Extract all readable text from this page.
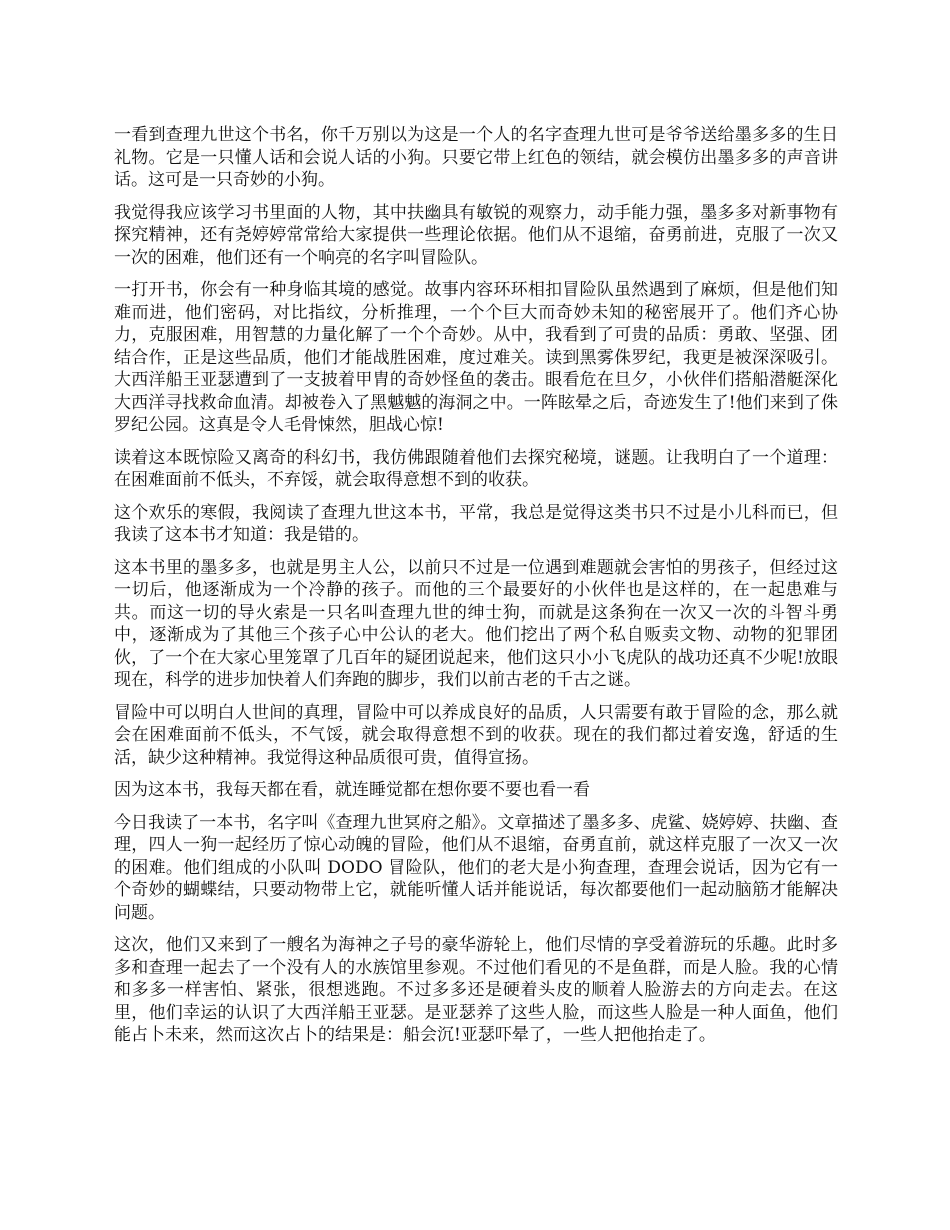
一看到查理九世这个书名，你千万别以为这是一个人的名字查理九世可是爷爷送给墨多多的生日礼物。它是一只懂人话和会说人话的小狗。只要它带上红色的领结，就会模仿出墨多多的声音讲话。这可是一只奇妙的小狗。

我觉得我应该学习书里面的人物，其中扶幽具有敏锐的观察力，动手能力强，墨多多对新事物有探究精神，还有尧婷婷常常给大家提供一些理论依据。他们从不退缩，奋勇前进，克服了一次又一次的困难，他们还有一个响亮的名字叫冒险队。

一打开书，你会有一种身临其境的感觉。故事内容环环相扣冒险队虽然遇到了麻烦，但是他们知难而进，他们密码，对比指纹，分析推理，一个个巨大而奇妙未知的秘密展开了。他们齐心协力，克服困难，用智慧的力量化解了一个个奇妙。从中，我看到了可贵的品质：勇敢、坚强、团结合作，正是这些品质，他们才能战胜困难，度过难关。读到黑雾侏罗纪，我更是被深深吸引。大西洋船王亚瑟遭到了一支披着甲胄的奇妙怪鱼的袭击。眼看危在旦夕，小伙伴们搭船潜艇深化大西洋寻找救命血清。却被卷入了黑魆魆的海洞之中。一阵眩晕之后，奇迹发生了!他们来到了侏罗纪公园。这真是令人毛骨悚然，胆战心惊!

读着这本既惊险又离奇的科幻书，我仿佛跟随着他们去探究秘境，谜题。让我明白了一个道理：在困难面前不低头，不弃馁，就会取得意想不到的收获。

这个欢乐的寒假，我阅读了查理九世这本书，平常，我总是觉得这类书只不过是小儿科而已，但我读了这本书才知道：我是错的。

这本书里的墨多多，也就是男主人公，以前只不过是一位遇到难题就会害怕的男孩子，但经过这一切后，他逐渐成为一个冷静的孩子。而他的三个最要好的小伙伴也是这样的，在一起患难与共。而这一切的导火索是一只名叫查理九世的绅士狗，而就是这条狗在一次又一次的斗智斗勇中，逐渐成为了其他三个孩子心中公认的老大。他们挖出了两个私自贩卖文物、动物的犯罪团伙，了一个在大家心里笼罩了几百年的疑团说起来，他们这只小小飞虎队的战功还真不少呢!放眼现在，科学的进步加快着人们奔跑的脚步，我们以前古老的千古之谜。

冒险中可以明白人世间的真理，冒险中可以养成良好的品质，人只需要有敢于冒险的念，那么就会在困难面前不低头，不气馁，就会取得意想不到的收获。现在的我们都过着安逸，舒适的生活，缺少这种精神。我觉得这种品质很可贵，值得宣扬。

因为这本书，我每天都在看，就连睡觉都在想你要不要也看一看

今日我读了一本书，名字叫《查理九世冥府之船》。文章描述了墨多多、虎鲨、娆婷婷、扶幽、查理，四人一狗一起经历了惊心动魄的冒险，他们从不退缩，奋勇直前，就这样克服了一次又一次的困难。他们组成的小队叫 DODO 冒险队，他们的老大是小狗查理，查理会说话，因为它有一个奇妙的蝴蝶结，只要动物带上它，就能听懂人话并能说话，每次都要他们一起动脑筋才能解决问题。

这次，他们又来到了一艘名为海神之子号的豪华游轮上，他们尽情的享受着游玩的乐趣。此时多多和查理一起去了一个没有人的水族馆里参观。不过他们看见的不是鱼群，而是人脸。我的心情和多多一样害怕、紧张，很想逃跑。不过多多还是硬着头皮的顺着人脸游去的方向走去。在这里，他们幸运的认识了大西洋船王亚瑟。是亚瑟养了这些人脸，而这些人脸是一种人面鱼，他们能占卜未来，然而这次占卜的结果是：船会沉!亚瑟吓晕了，一些人把他抬走了。
